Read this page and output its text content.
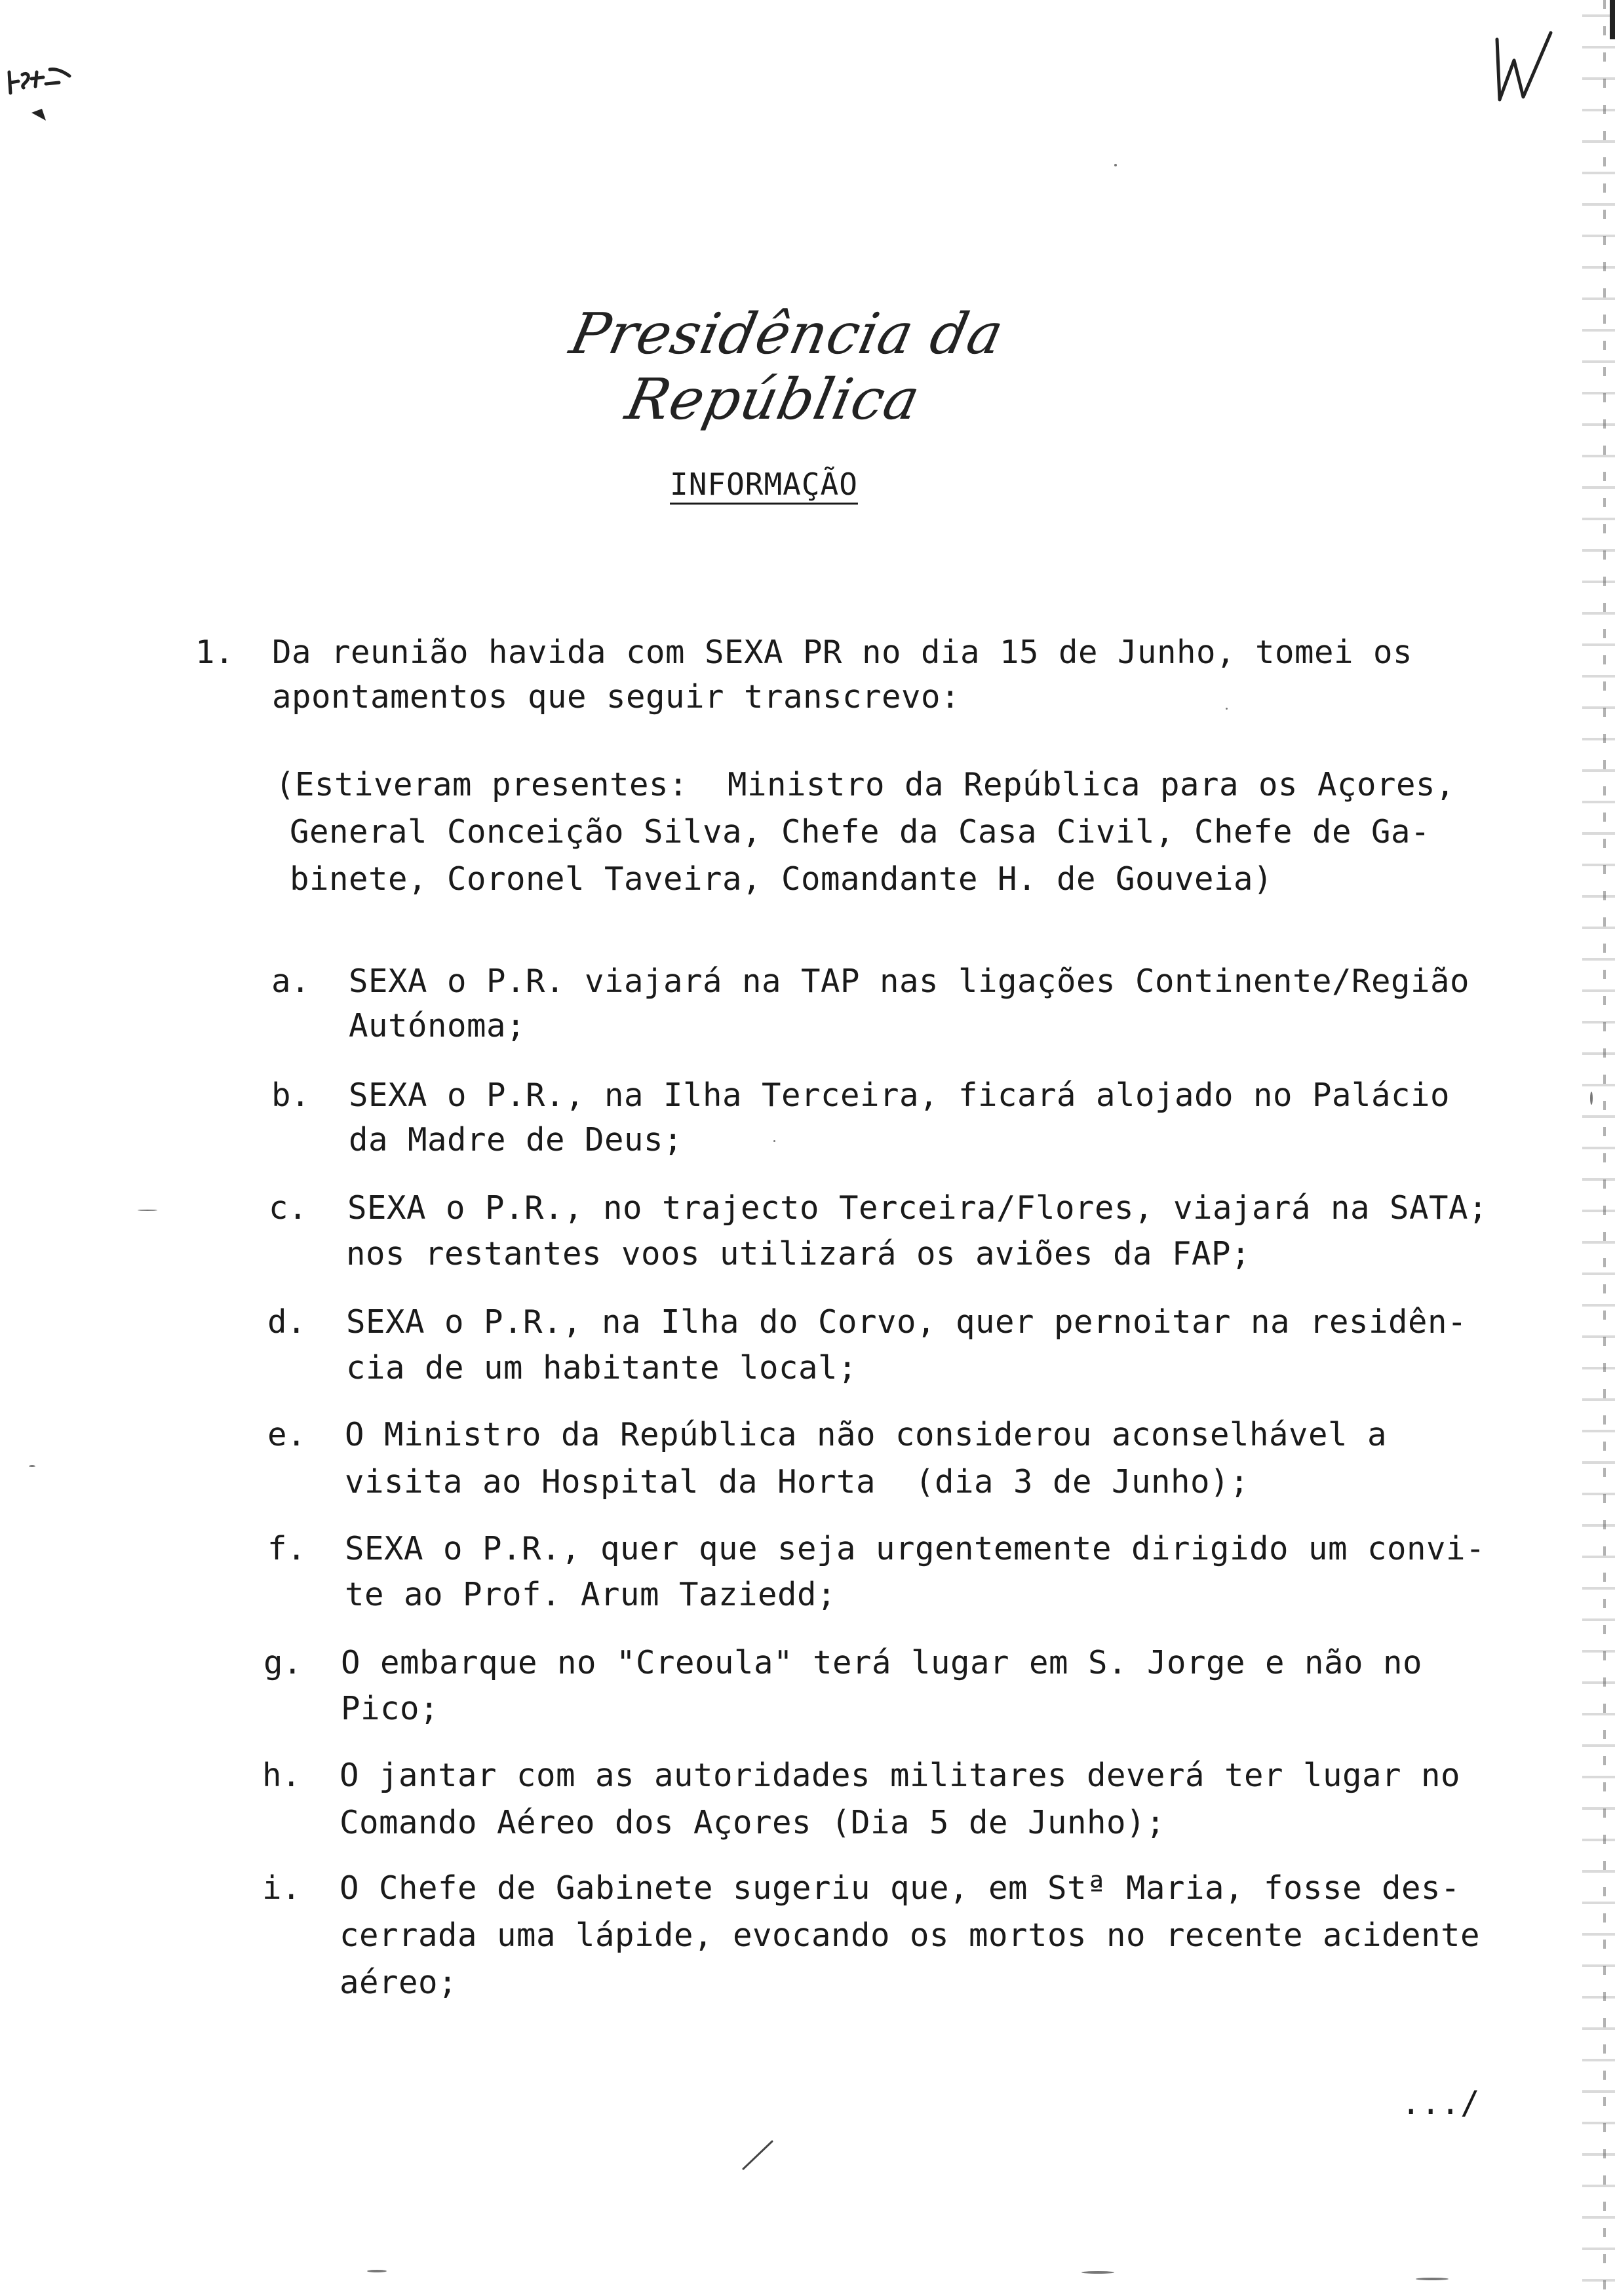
Presidência da República
INFORMAÇÃO
1. Da reunião havida com SEXA PR no dia 15 de Junho, tomei os
apontamentos que seguir transcrevo:
(Estiveram presentes:  Ministro da República para os Açores,
General Conceição Silva, Chefe da Casa Civil, Chefe de Ga-
binete, Coronel Taveira, Comandante H. de Gouveia)
a. SEXA o P.R. viajará na TAP nas ligações Continente/Região
Autónoma;
b. SEXA o P.R., na Ilha Terceira, ficará alojado no Palácio
da Madre de Deus;
c. SEXA o P.R., no trajecto Terceira/Flores, viajará na SATA;
nos restantes voos utilizará os aviões da FAP;
d. SEXA o P.R., na Ilha do Corvo, quer pernoitar na residên-
cia de um habitante local;
e. O Ministro da República não considerou aconselhável a
visita ao Hospital da Horta  (dia 3 de Junho);
f. SEXA o P.R., quer que seja urgentemente dirigido um convi-
te ao Prof. Arum Taziedd;
g. O embarque no "Creoula" terá lugar em S. Jorge e não no
Pico;
h. O jantar com as autoridades militares deverá ter lugar no
Comando Aéreo dos Açores (Dia 5 de Junho);
i. O Chefe de Gabinete sugeriu que, em Stª Maria, fosse des-
cerrada uma lápide, evocando os mortos no recente acidente
aéreo;
.../
